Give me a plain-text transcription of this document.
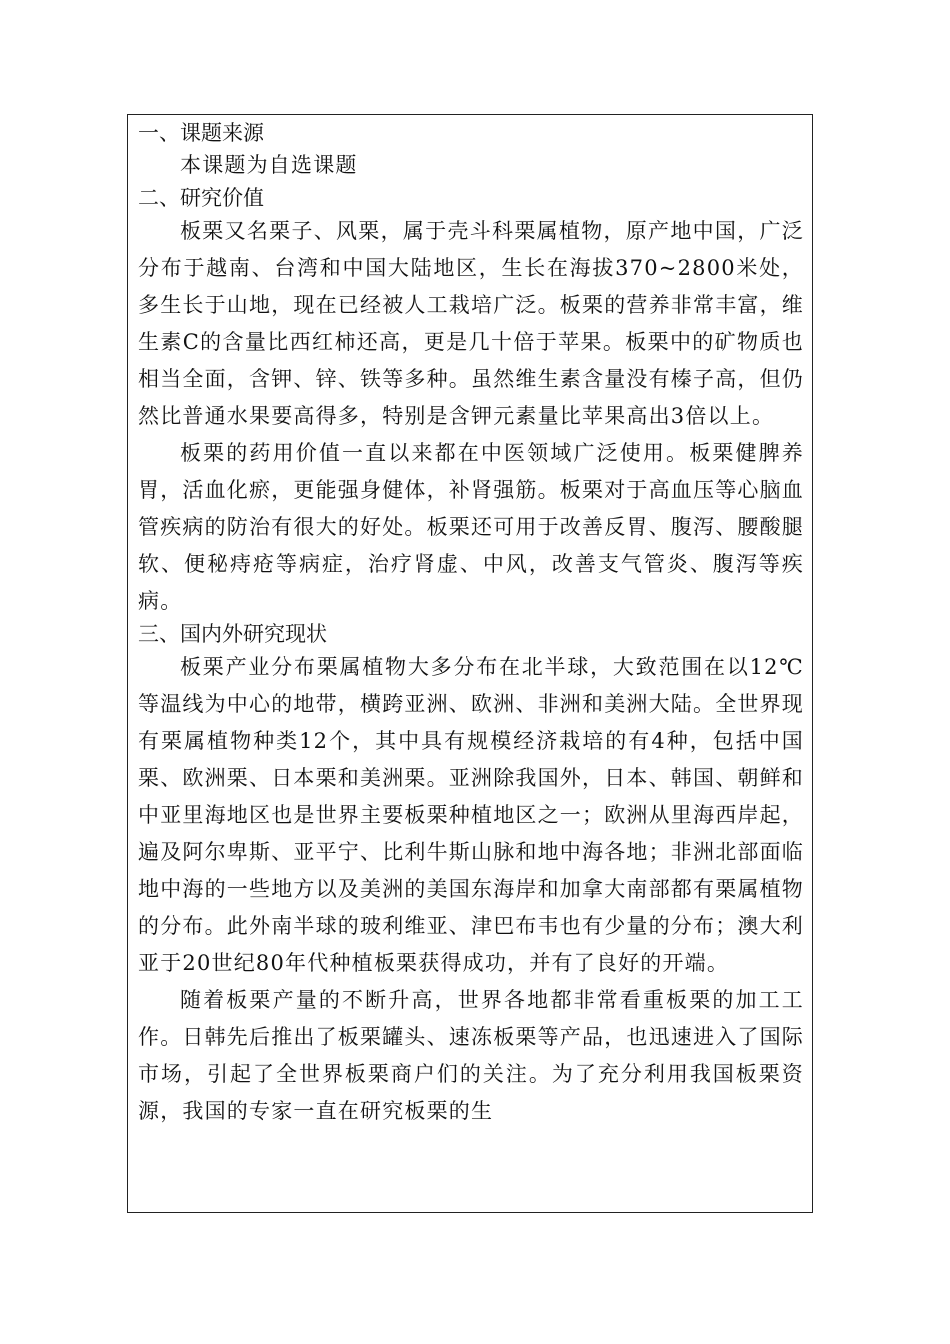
一、课题来源

本课题为自选课题

二、研究价值

板栗又名栗子、风栗，属于壳斗科栗属植物，原产地中国，广泛分布于越南、台湾和中国大陆地区，生长在海拔370~2800米处，多生长于山地，现在已经被人工栽培广泛。板栗的营养非常丰富，维生素C的含量比西红柿还高，更是几十倍于苹果。板栗中的矿物质也相当全面，含钾、锌、铁等多种。虽然维生素含量没有榛子高，但仍然比普通水果要高得多，特别是含钾元素量比苹果高出3倍以上。

板栗的药用价值一直以来都在中医领域广泛使用。板栗健脾养胃，活血化瘀，更能强身健体，补肾强筋。板栗对于高血压等心脑血管疾病的防治有很大的好处。板栗还可用于改善反胃、腹泻、腰酸腿软、便秘痔疮等病症，治疗肾虚、中风，改善支气管炎、腹泻等疾病。

三、国内外研究现状

板栗产业分布栗属植物大多分布在北半球，大致范围在以12℃等温线为中心的地带，横跨亚洲、欧洲、非洲和美洲大陆。全世界现有栗属植物种类12个，其中具有规模经济栽培的有4种，包括中国栗、欧洲栗、日本栗和美洲栗。亚洲除我国外，日本、韩国、朝鲜和中亚里海地区也是世界主要板栗种植地区之一；欧洲从里海西岸起，遍及阿尔卑斯、亚平宁、比利牛斯山脉和地中海各地；非洲北部面临地中海的一些地方以及美洲的美国东海岸和加拿大南部都有栗属植物的分布。此外南半球的玻利维亚、津巴布韦也有少量的分布；澳大利亚于20世纪80年代种植板栗获得成功，并有了良好的开端。

随着板栗产量的不断升高，世界各地都非常看重板栗的加工工作。日韩先后推出了板栗罐头、速冻板栗等产品，也迅速进入了国际市场，引起了全世界板栗商户们的关注。为了充分利用我国板栗资源，我国的专家一直在研究板栗的生
